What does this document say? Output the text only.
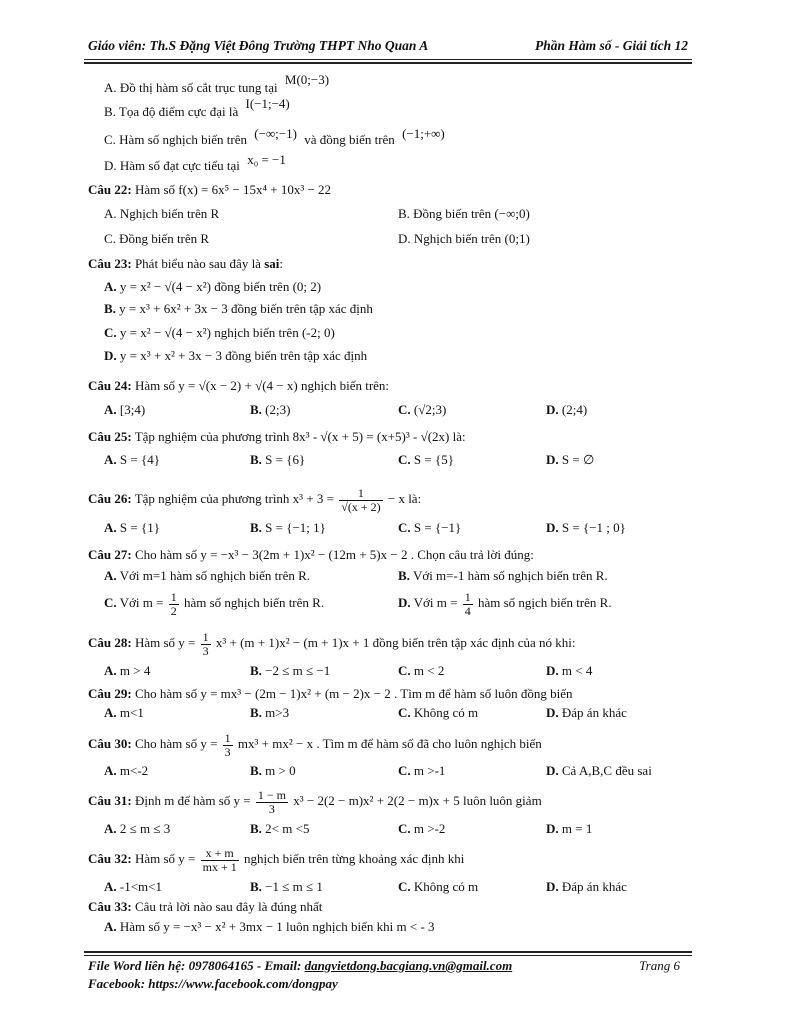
Giáo viên: Th.S Đặng Việt Đông Trường THPT Nho Quan A	Phần Hàm số - Giải tích 12
A. Đồ thị hàm số cắt trục tung tại M(0;−3)
B. Tọa độ điểm cực đại là I(−1;−4)
C. Hàm số nghịch biến trên (−∞;−1) và đồng biến trên (−1;+∞)
D. Hàm số đạt cực tiểu tại x₀ = −1
Câu 22: Hàm số f(x) = 6x⁵ − 15x⁴ + 10x³ − 22
A. Nghịch biến trên R	B. Đồng biến trên (−∞;0)
C. Đồng biến trên R	D. Nghịch biến trên (0;1)
Câu 23: Phát biểu nào sau đây là sai:
A. y = x² − √(4 − x²) đồng biến trên (0; 2)
B. y = x³ + 6x² + 3x − 3 đồng biến trên tập xác định
C. y = x² − √(4 − x²) nghịch biến trên (-2; 0)
D. y = x³ + x² + 3x − 3 đồng biến trên tập xác định
Câu 24: Hàm số y = √(x − 2) + √(4 − x) nghịch biến trên:
A. [3;4)	B. (2;3)	C. (√2;3)	D. (2;4)
Câu 25: Tập nghiệm của phương trình 8x³ - √(x + 5) = (x+5)³ - √(2x) là:
A. S = {4}	B. S = {6}	C. S = {5}	D. S = ∅
Câu 26: Tập nghiệm của phương trình $x^3 + 3 = \frac{1}{√(x + 2)} - x$ là:
A. S = {1}	B. S = {−1; 1}	C. S = {−1}	D. S = {−1 ; 0}
Câu 27: Cho hàm số y = −x³ − 3(2m + 1)x² − (12m + 5)x − 2 . Chọn câu trả lời đúng:
A. Với m=1 hàm số nghịch biến trên R.	B. Với m=-1 hàm số nghịch biến trên R.
C. Với $m = \frac{1}{2}$ hàm số nghịch biến trên R.	D. Với $m = \frac{1}{4}$ hàm số ngịch biến trên R.
Câu 28: Hàm số $y = \frac{1}{3} x^3 + (m + 1)x^2 - (m + 1)x + 1$ đồng biến trên tập xác định của nó khi:
A. m > 4	B. −2 ≤ m ≤ −1	C. m < 2	D. m < 4
Câu 29: Cho hàm số y = mx³ − (2m − 1)x² + (m − 2)x − 2 . Tìm m để hàm số luôn đồng biến
A. m<1	B. m>3	C. Không có m	D. Đáp án khác
Câu 30: Cho hàm số $y = \frac{1}{3} mx^3 + mx^2 - x$ . Tìm m để hàm số đã cho luôn nghịch biến
A. m<-2	B. m > 0	C. m >-1	D. Cả A,B,C đều sai
Câu 31: Định m để hàm số $y = \frac{1 - m}{3} x^3 - 2(2 - m)x^2 + 2(2 - m)x + 5$ luôn luôn giảm
A. 2 ≤ m ≤ 3	B. 2< m <5	C. m >-2	D. m = 1
Câu 32: Hàm số $y = \frac{x + m}{mx + 1}$ nghịch biến trên từng khoảng xác định khi
A. -1<m<1	B. −1 ≤ m ≤ 1	C. Không có m	D. Đáp án khác
Câu 33: Câu trả lời nào sau đây là đúng nhất
A. Hàm số y = −x³ − x² + 3mx − 1 luôn nghịch biến khi m < - 3
File Word liên hệ: 0978064165 - Email: dangvietdong.bacgiang.vn@gmail.com	Trang 6
Facebook: https://www.facebook.com/dongpay
